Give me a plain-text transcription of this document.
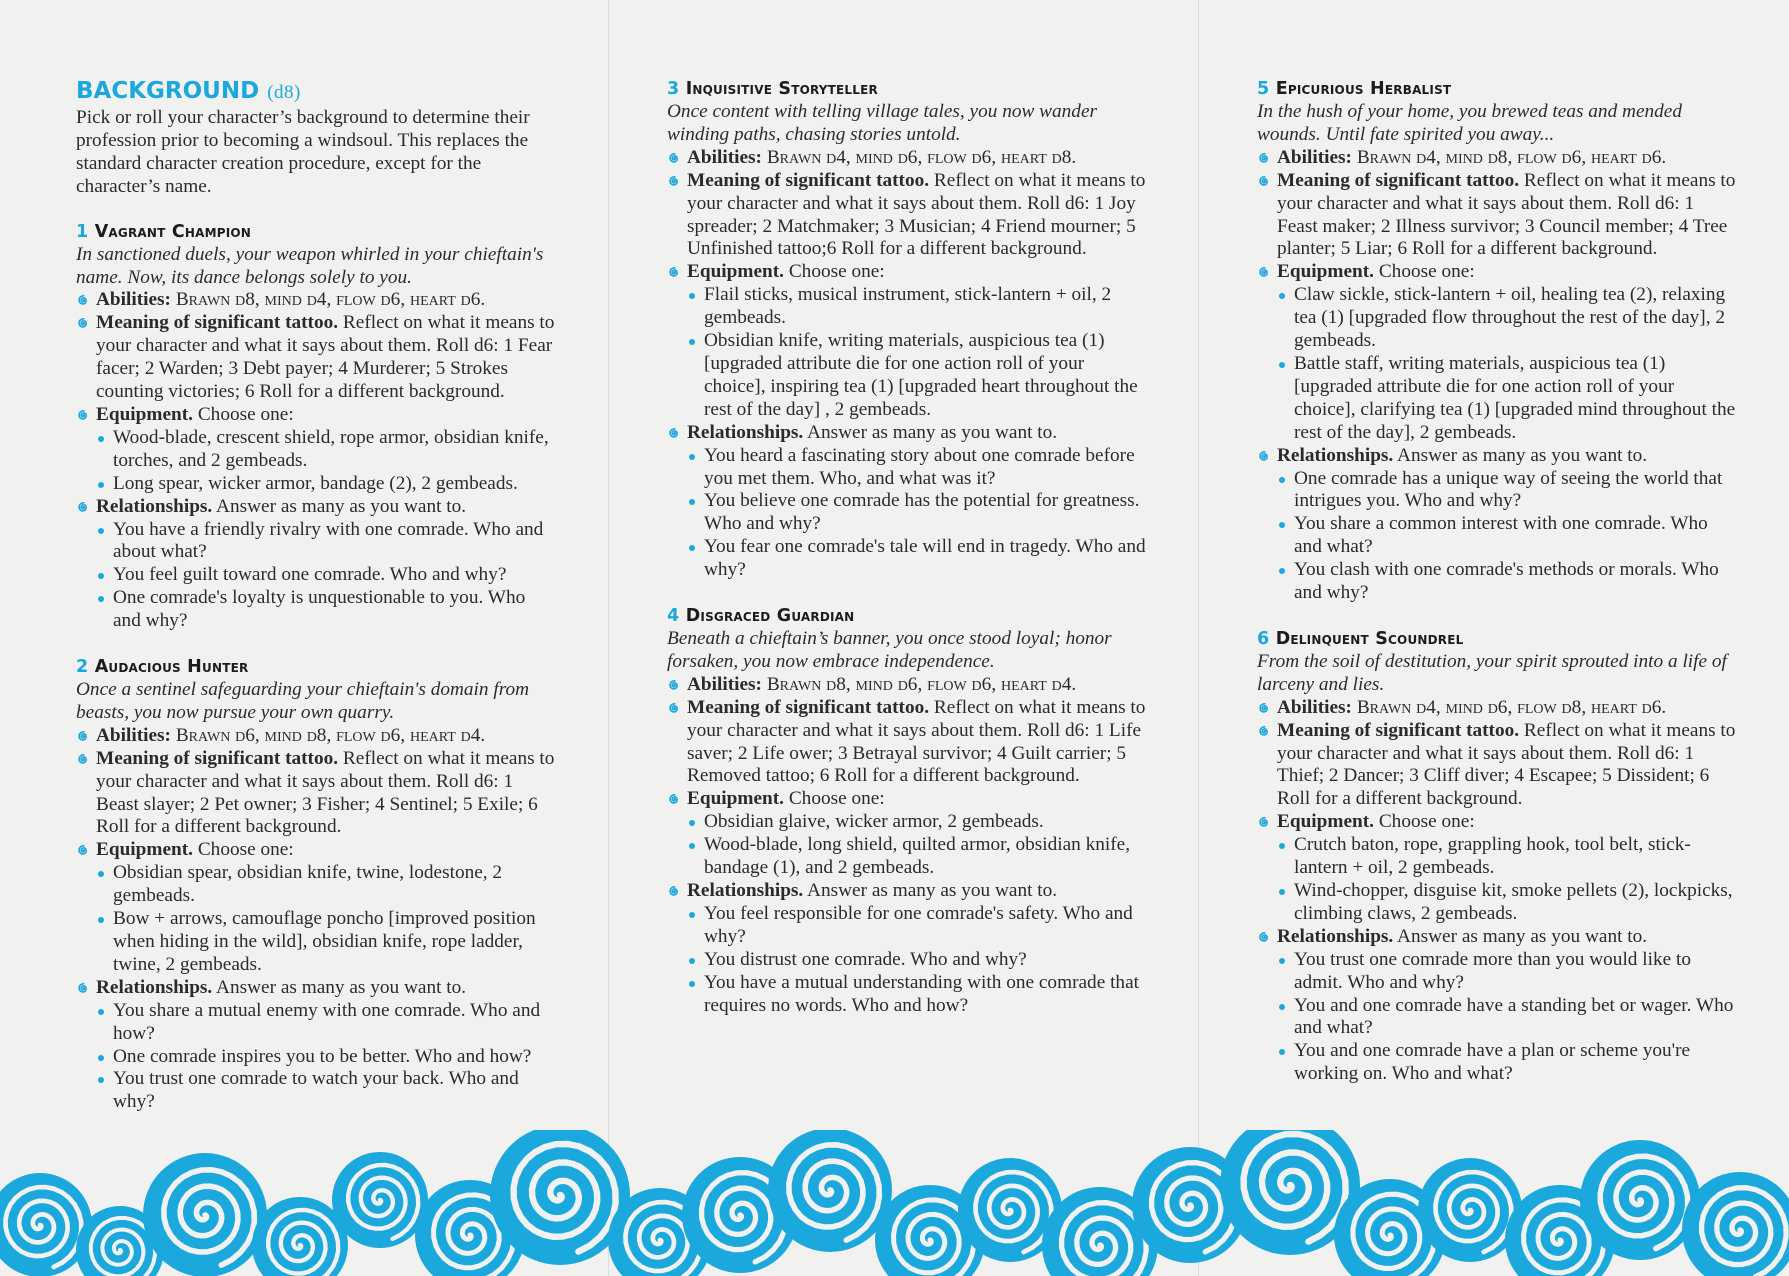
BACKGROUND (d8)
Pick or roll your character’s background to determine their profession prior to becoming a windsoul. This replaces the standard character creation procedure, except for the character’s name.
1 Vagrant Champion
In sanctioned duels, your weapon whirled in your chieftain's name. Now, its dance belongs solely to you.
Abilities: Brawn d8, mind d4, flow d6, heart d6.
Meaning of significant tattoo. Reflect on what it means to your character and what it says about them. Roll d6: 1 Fear facer; 2 Warden; 3 Debt payer; 4 Murderer; 5 Strokes counting victories; 6 Roll for a different background.
Equipment. Choose one:
Wood-blade, crescent shield, rope armor, obsidian knife, torches, and 2 gembeads.
Long spear, wicker armor, bandage (2), 2 gembeads.
Relationships. Answer as many as you want to.
You have a friendly rivalry with one comrade. Who and about what?
You feel guilt toward one comrade. Who and why?
One comrade's loyalty is unquestionable to you. Who and why?
2 Audacious Hunter
Once a sentinel safeguarding your chieftain's domain from beasts, you now pursue your own quarry.
Abilities: Brawn d6, mind d8, flow d6, heart d4.
Meaning of significant tattoo. Reflect on what it means to your character and what it says about them. Roll d6: 1 Beast slayer; 2 Pet owner; 3 Fisher; 4 Sentinel; 5 Exile; 6 Roll for a different background.
Equipment. Choose one:
Obsidian spear, obsidian knife, twine, lodestone, 2 gembeads.
Bow + arrows, camouflage poncho [improved position when hiding in the wild], obsidian knife, rope ladder, twine, 2 gembeads.
Relationships. Answer as many as you want to.
You share a mutual enemy with one comrade. Who and how?
One comrade inspires you to be better. Who and how?
You trust one comrade to watch your back. Who and why?
3 Inquisitive Storyteller
Once content with telling village tales, you now wander winding paths, chasing stories untold.
Abilities: Brawn d4, mind d6, flow d6, heart d8.
Meaning of significant tattoo. Reflect on what it means to your character and what it says about them. Roll d6: 1 Joy spreader; 2 Matchmaker; 3 Musician; 4 Friend mourner; 5 Unfinished tattoo;6 Roll for a different background.
Equipment. Choose one:
Flail sticks, musical instrument, stick-lantern + oil, 2 gembeads.
Obsidian knife, writing materials, auspicious tea (1) [upgraded attribute die for one action roll of your choice], inspiring tea (1) [upgraded heart throughout the rest of the day] , 2 gembeads.
Relationships. Answer as many as you want to.
You heard a fascinating story about one comrade before you met them. Who, and what was it?
You believe one comrade has the potential for greatness. Who and why?
You fear one comrade's tale will end in tragedy. Who and why?
4 Disgraced Guardian
Beneath a chieftain’s banner, you once stood loyal; honor forsaken, you now embrace independence.
Abilities: Brawn d8, mind d6, flow d6, heart d4.
Meaning of significant tattoo. Reflect on what it means to your character and what it says about them. Roll d6: 1 Life saver; 2 Life ower; 3 Betrayal survivor; 4 Guilt carrier; 5 Removed tattoo; 6 Roll for a different background.
Equipment. Choose one:
Obsidian glaive, wicker armor, 2 gembeads.
Wood-blade, long shield, quilted armor, obsidian knife, bandage (1), and 2 gembeads.
Relationships. Answer as many as you want to.
You feel responsible for one comrade's safety. Who and why?
You distrust one comrade. Who and why?
You have a mutual understanding with one comrade that requires no words. Who and how?
5 Epicurious Herbalist
In the hush of your home, you brewed teas and mended wounds. Until fate spirited you away...
Abilities: Brawn d4, mind d8, flow d6, heart d6.
Meaning of significant tattoo. Reflect on what it means to your character and what it says about them. Roll d6: 1 Feast maker; 2 Illness survivor; 3 Council member; 4 Tree planter; 5 Liar; 6 Roll for a different background.
Equipment. Choose one:
Claw sickle, stick-lantern + oil, healing tea (2), relaxing tea (1) [upgraded flow throughout the rest of the day], 2 gembeads.
Battle staff, writing materials, auspicious tea (1) [upgraded attribute die for one action roll of your choice], clarifying tea (1) [upgraded mind throughout the rest of the day], 2 gembeads.
Relationships. Answer as many as you want to.
One comrade has a unique way of seeing the world that intrigues you. Who and why?
You share a common interest with one comrade. Who and what?
You clash with one comrade's methods or morals. Who and why?
6 Delinquent Scoundrel
From the soil of destitution, your spirit sprouted into a life of larceny and lies.
Abilities: Brawn d4, mind d6, flow d8, heart d6.
Meaning of significant tattoo. Reflect on what it means to your character and what it says about them. Roll d6: 1 Thief; 2 Dancer; 3 Cliff diver; 4 Escapee; 5 Dissident; 6 Roll for a different background.
Equipment. Choose one:
Crutch baton, rope, grappling hook, tool belt, stick-lantern + oil, 2 gembeads.
Wind-chopper, disguise kit, smoke pellets (2), lockpicks, climbing claws, 2 gembeads.
Relationships. Answer as many as you want to.
You trust one comrade more than you would like to admit. Who and why?
You and one comrade have a standing bet or wager. Who and what?
You and one comrade have a plan or scheme you're working on. Who and what?
